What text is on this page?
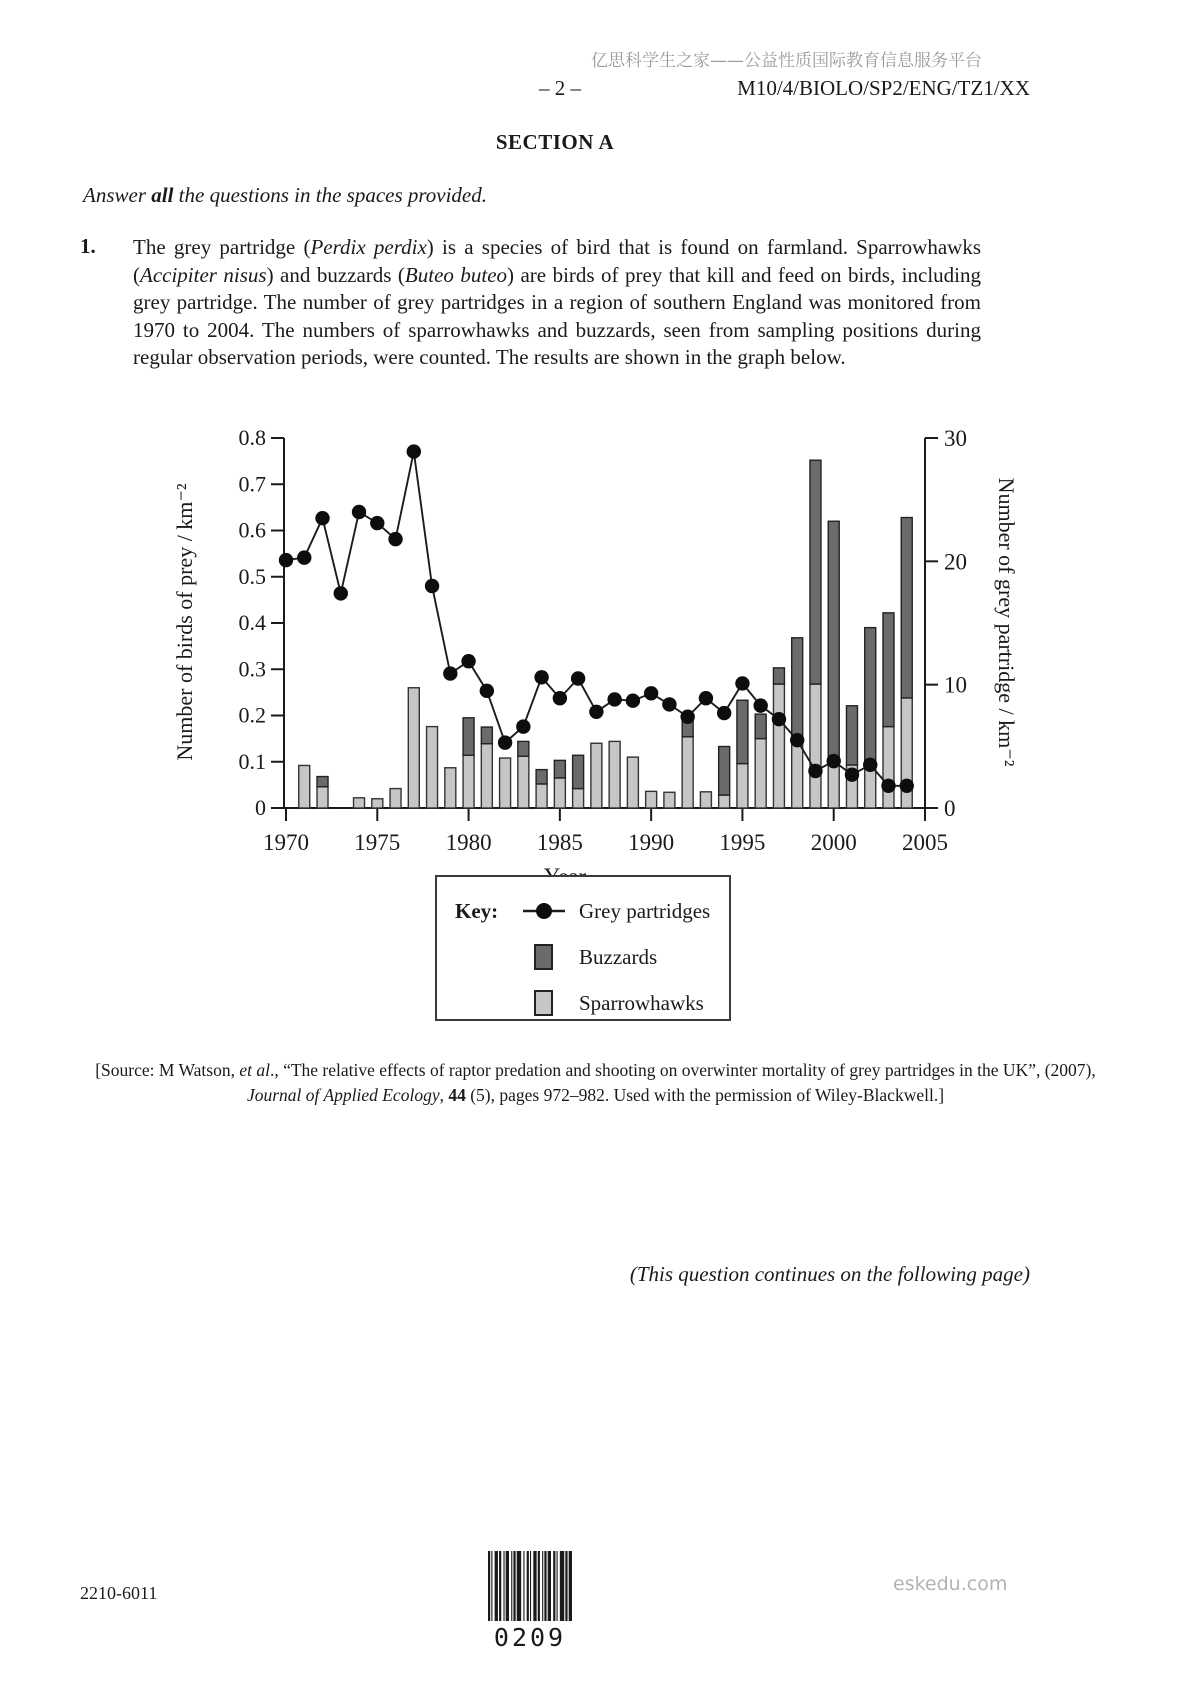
亿思科学生之家——公益性质国际教育信息服务平台
– 2 –	M10/4/BIOLO/SP2/ENG/TZ1/XX
SECTION A
Answer all the questions in the spaces provided.
1. The grey partridge (Perdix perdix) is a species of bird that is found on farmland. Sparrowhawks (Accipiter nisus) and buzzards (Buteo buteo) are birds of prey that kill and feed on birds, including grey partridge. The number of grey partridges in a region of southern England was monitored from 1970 to 2004. The numbers of sparrowhawks and buzzards, seen from sampling positions during regular observation periods, were counted. The results are shown in the graph below.
0
0.1
0.2
0.3
0.4
0.5
0.6
0.7
0.8
0
10
20
30
1970 1975 1980 1985 1990 1995 2000 2005
Number of birds of prey / km⁻²	Number of grey partridge / km⁻²
Key:	Grey partridges
Buzzards
Sparrowhawks
[Source: M Watson, et al., “The relative effects of raptor predation and shooting on overwinter mortality of grey partridges in the UK”, (2007), Journal of Applied Ecology, 44 (5), pages 972–982. Used with the permission of Wiley-Blackwell.]
(This question continues on the following page)
2210-6011
0209
eskedu.com
